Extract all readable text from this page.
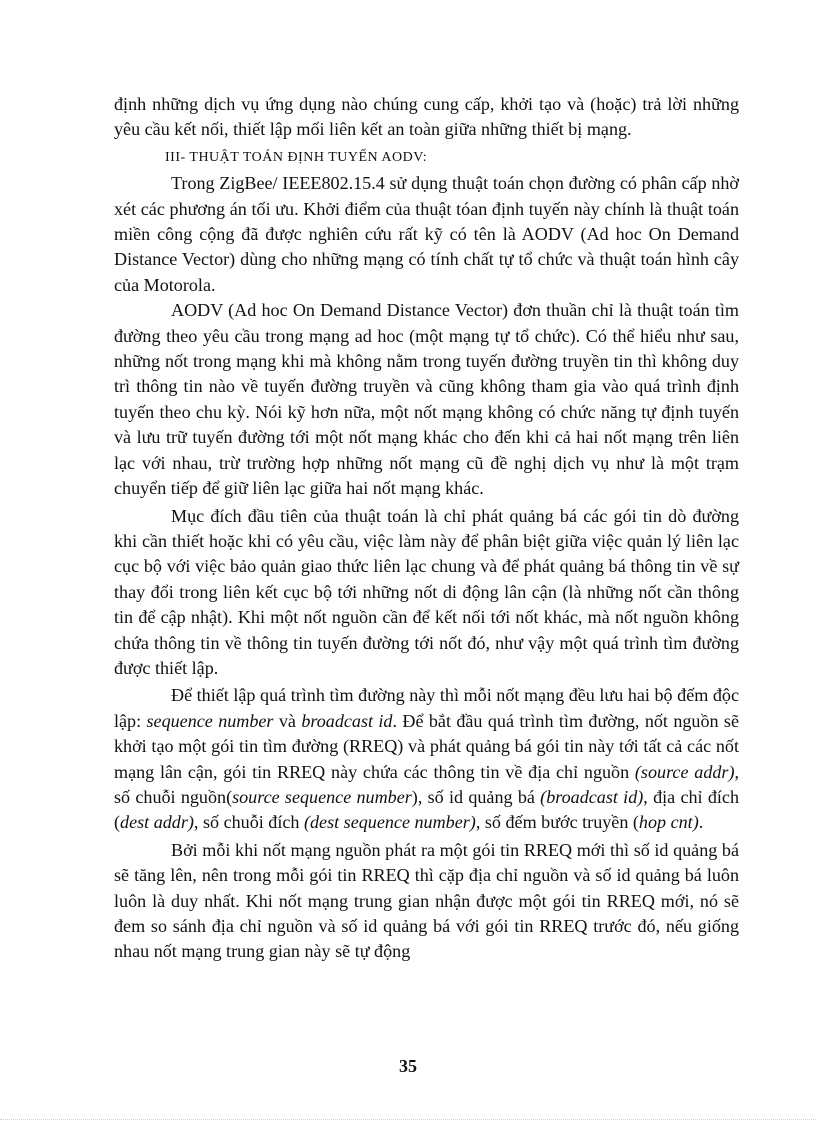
định những dịch vụ ứng dụng nào chúng cung cấp, khởi tạo và (hoặc) trả lời những yêu cầu kết nối, thiết lập mối liên kết an toàn giữa những thiết bị mạng.

III- THUẬT TOÁN ĐỊNH TUYẾN AODV:

Trong ZigBee/ IEEE802.15.4 sử dụng thuật toán chọn đường có phân cấp nhờ xét các phương án tối ưu. Khởi điểm của thuật tóan định tuyến này chính là thuật toán miền công cộng đã được nghiên cứu rất kỹ có tên là AODV (Ad hoc On Demand Distance Vector) dùng cho những mạng có tính chất tự tổ chức và thuật toán hình cây của Motorola.

AODV (Ad hoc On Demand Distance Vector) đơn thuần chỉ là thuật toán tìm đường theo yêu cầu trong mạng ad hoc (một mạng tự tổ chức). Có thể hiểu như sau, những nốt trong mạng khi mà không nằm trong tuyến đường truyền tin thì không duy trì thông tin nào về tuyến đường truyền và cũng không tham gia vào quá trình định tuyến theo chu kỳ. Nói kỹ hơn nữa, một nốt mạng không có chức năng tự định tuyến và lưu trữ tuyến đường tới một nốt mạng khác cho đến khi cả hai nốt mạng trên liên lạc với nhau, trừ trường hợp những nốt mạng cũ đề nghị dịch vụ như là một trạm chuyển tiếp để giữ liên lạc giữa hai nốt mạng khác.

Mục đích đầu tiên của thuật toán là chỉ phát quảng bá các gói tin dò đường khi cần thiết hoặc khi có yêu cầu, việc làm này để phân biệt giữa việc quản lý liên lạc cục bộ với việc bảo quản giao thức liên lạc chung và để phát quảng bá thông tin về sự thay đổi trong liên kết cục bộ tới những nốt di động lân cận (là những nốt cần thông tin để cập nhật). Khi một nốt nguồn cần để kết nối tới nốt khác, mà nốt nguồn không chứa thông tin về thông tin tuyến đường tới nốt đó, như vậy một quá trình tìm đường được thiết lập.

Để thiết lập quá trình tìm đường này thì mỗi nốt mạng đều lưu hai bộ đếm độc lập: sequence number và broadcast id. Để bắt đầu quá trình tìm đường, nốt nguồn sẽ khởi tạo một gói tin tìm đường (RREQ) và phát quảng bá gói tin này tới tất cả các nốt mạng lân cận, gói tin RREQ này chứa các thông tin về địa chỉ nguồn (source addr), số chuỗi nguồn(source sequence number), số id quảng bá (broadcast id), địa chỉ đích (dest addr), số chuỗi đích (dest sequence number), số đếm bước truyền (hop cnt).

Bởi mỗi khi nốt mạng nguồn phát ra một gói tin RREQ mới thì số id quảng bá sẽ tăng lên, nên trong mỗi gói tin RREQ thì cặp địa chỉ nguồn và số id quảng bá luôn luôn là duy nhất. Khi nốt mạng trung gian nhận được một gói tin RREQ mới, nó sẽ đem so sánh địa chỉ nguồn và số id quảng bá với gói tin RREQ trước đó, nếu giống nhau nốt mạng trung gian này sẽ tự động

35
